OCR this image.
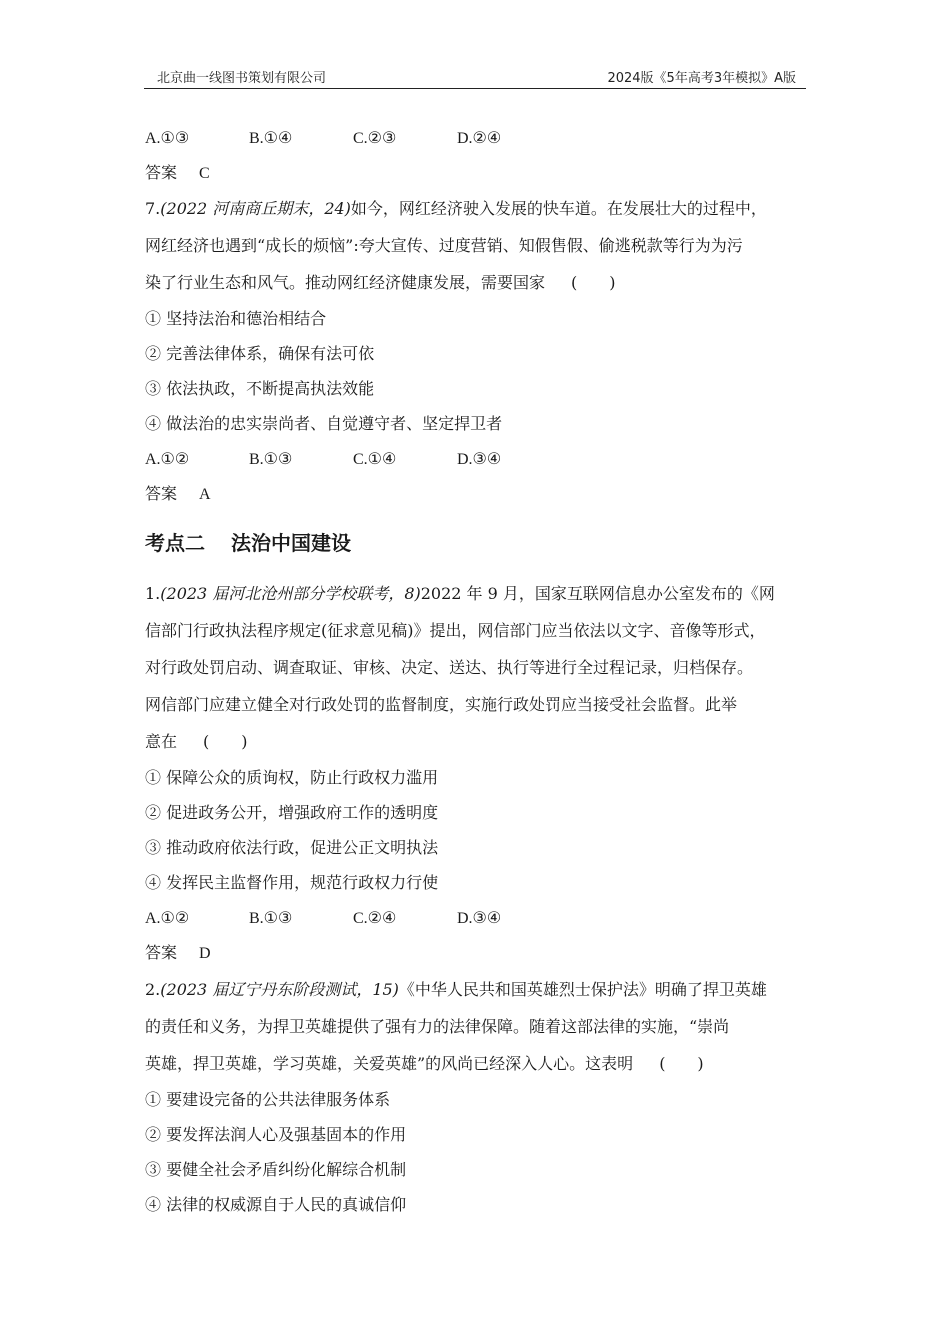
北京曲一线图书策划有限公司	2024版《5年高考3年模拟》A版
A.①③	B.①④	C.②③	D.②④
答案 C
7.(2022 河南商丘期末，24)如今，网红经济驶入发展的快车道。在发展壮大的过程中，
网红经济也遇到“成长的烦恼”:夸大宣传、过度营销、知假售假、偷逃税款等行为为污
染了行业生态和风气。推动网红经济健康发展，需要国家 (　　)
① 坚持法治和德治相结合
② 完善法律体系，确保有法可依
③ 依法执政，不断提高执法效能
④ 做法治的忠实崇尚者、自觉遵守者、坚定捍卫者
A.①②	B.①③	C.①④	D.③④
答案 A
考点二 法治中国建设
1.(2023 届河北沧州部分学校联考，8)2022 年 9 月，国家互联网信息办公室发布的《网
信部门行政执法程序规定(征求意见稿)》提出，网信部门应当依法以文字、音像等形式，
对行政处罚启动、调查取证、审核、决定、送达、执行等进行全过程记录，归档保存。
网信部门应建立健全对行政处罚的监督制度，实施行政处罚应当接受社会监督。此举
意在 (　　)
① 保障公众的质询权，防止行政权力滥用
② 促进政务公开，增强政府工作的透明度
③ 推动政府依法行政，促进公正文明执法
④ 发挥民主监督作用，规范行政权力行使
A.①②	B.①③	C.②④	D.③④
答案 D
2.(2023 届辽宁丹东阶段测试，15)《中华人民共和国英雄烈士保护法》明确了捍卫英雄
的责任和义务，为捍卫英雄提供了强有力的法律保障。随着这部法律的实施，“崇尚
英雄，捍卫英雄，学习英雄，关爱英雄”的风尚已经深入人心。这表明 (　　)
① 要建设完备的公共法律服务体系
② 要发挥法润人心及强基固本的作用
③ 要健全社会矛盾纠纷化解综合机制
④ 法律的权威源自于人民的真诚信仰
